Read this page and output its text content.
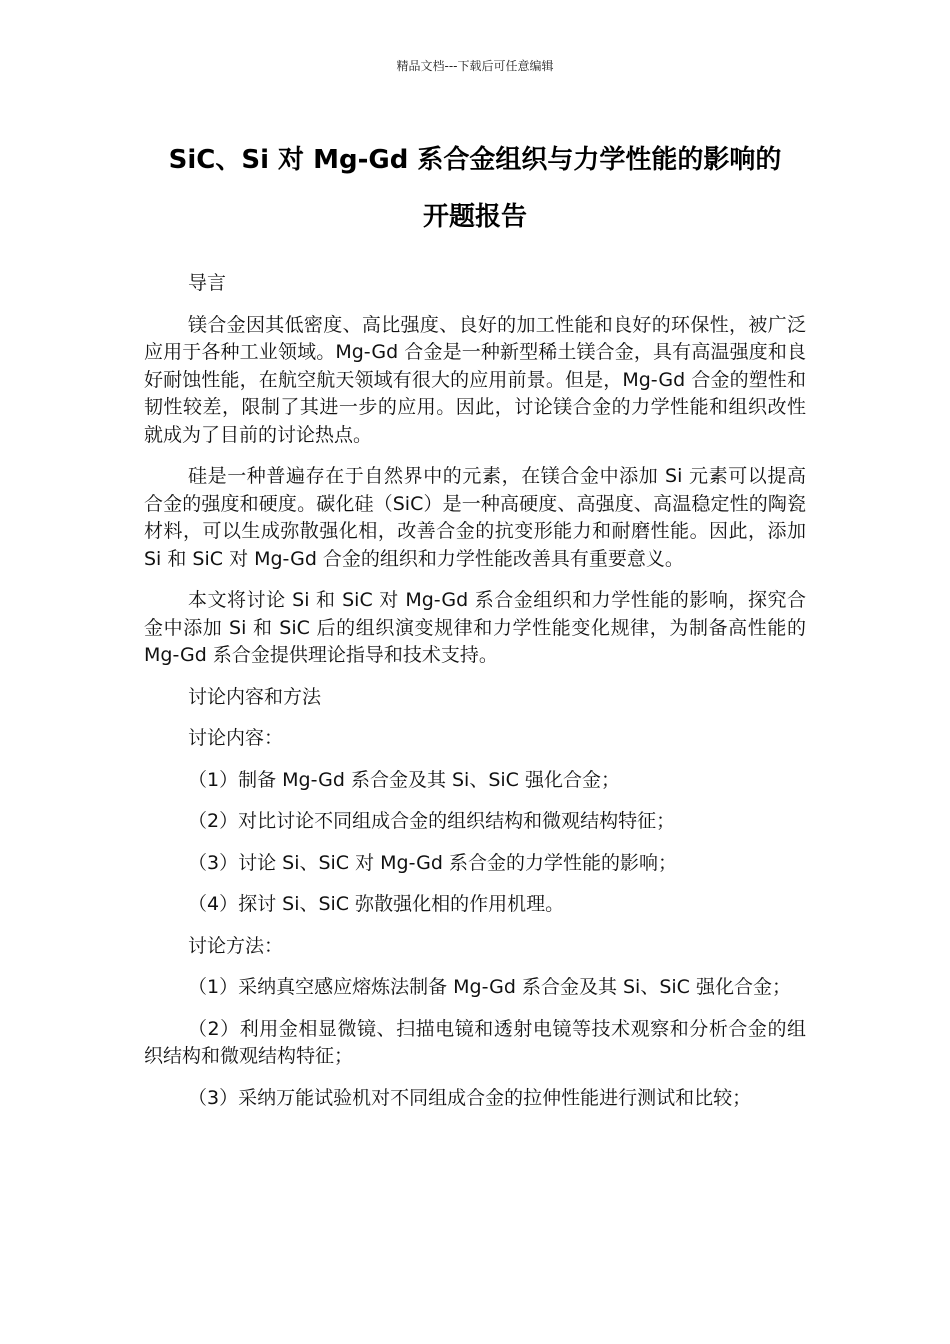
精品文档---下载后可任意编辑
SiC、Si 对 Mg-Gd 系合金组织与力学性能的影响的
开题报告

导言

镁合金因其低密度、高比强度、良好的加工性能和良好的环保性，被广泛应用于各种工业领域。Mg-Gd 合金是一种新型稀土镁合金，具有高温强度和良好耐蚀性能，在航空航天领域有很大的应用前景。但是，Mg-Gd 合金的塑性和韧性较差，限制了其进一步的应用。因此，讨论镁合金的力学性能和组织改性就成为了目前的讨论热点。

硅是一种普遍存在于自然界中的元素，在镁合金中添加 Si 元素可以提高合金的强度和硬度。碳化硅（SiC）是一种高硬度、高强度、高温稳定性的陶瓷材料，可以生成弥散强化相，改善合金的抗变形能力和耐磨性能。因此，添加 Si 和 SiC 对 Mg-Gd 合金的组织和力学性能改善具有重要意义。

本文将讨论 Si 和 SiC 对 Mg-Gd 系合金组织和力学性能的影响，探究合金中添加 Si 和 SiC 后的组织演变规律和力学性能变化规律，为制备高性能的 Mg-Gd 系合金提供理论指导和技术支持。

讨论内容和方法

讨论内容：

（1）制备 Mg-Gd 系合金及其 Si、SiC 强化合金；

（2）对比讨论不同组成合金的组织结构和微观结构特征；

（3）讨论 Si、SiC 对 Mg-Gd 系合金的力学性能的影响；

（4）探讨 Si、SiC 弥散强化相的作用机理。

讨论方法：

（1）采纳真空感应熔炼法制备 Mg-Gd 系合金及其 Si、SiC 强化合金；

（2）利用金相显微镜、扫描电镜和透射电镜等技术观察和分析合金的组织结构和微观结构特征；

（3）采纳万能试验机对不同组成合金的拉伸性能进行测试和比较；
